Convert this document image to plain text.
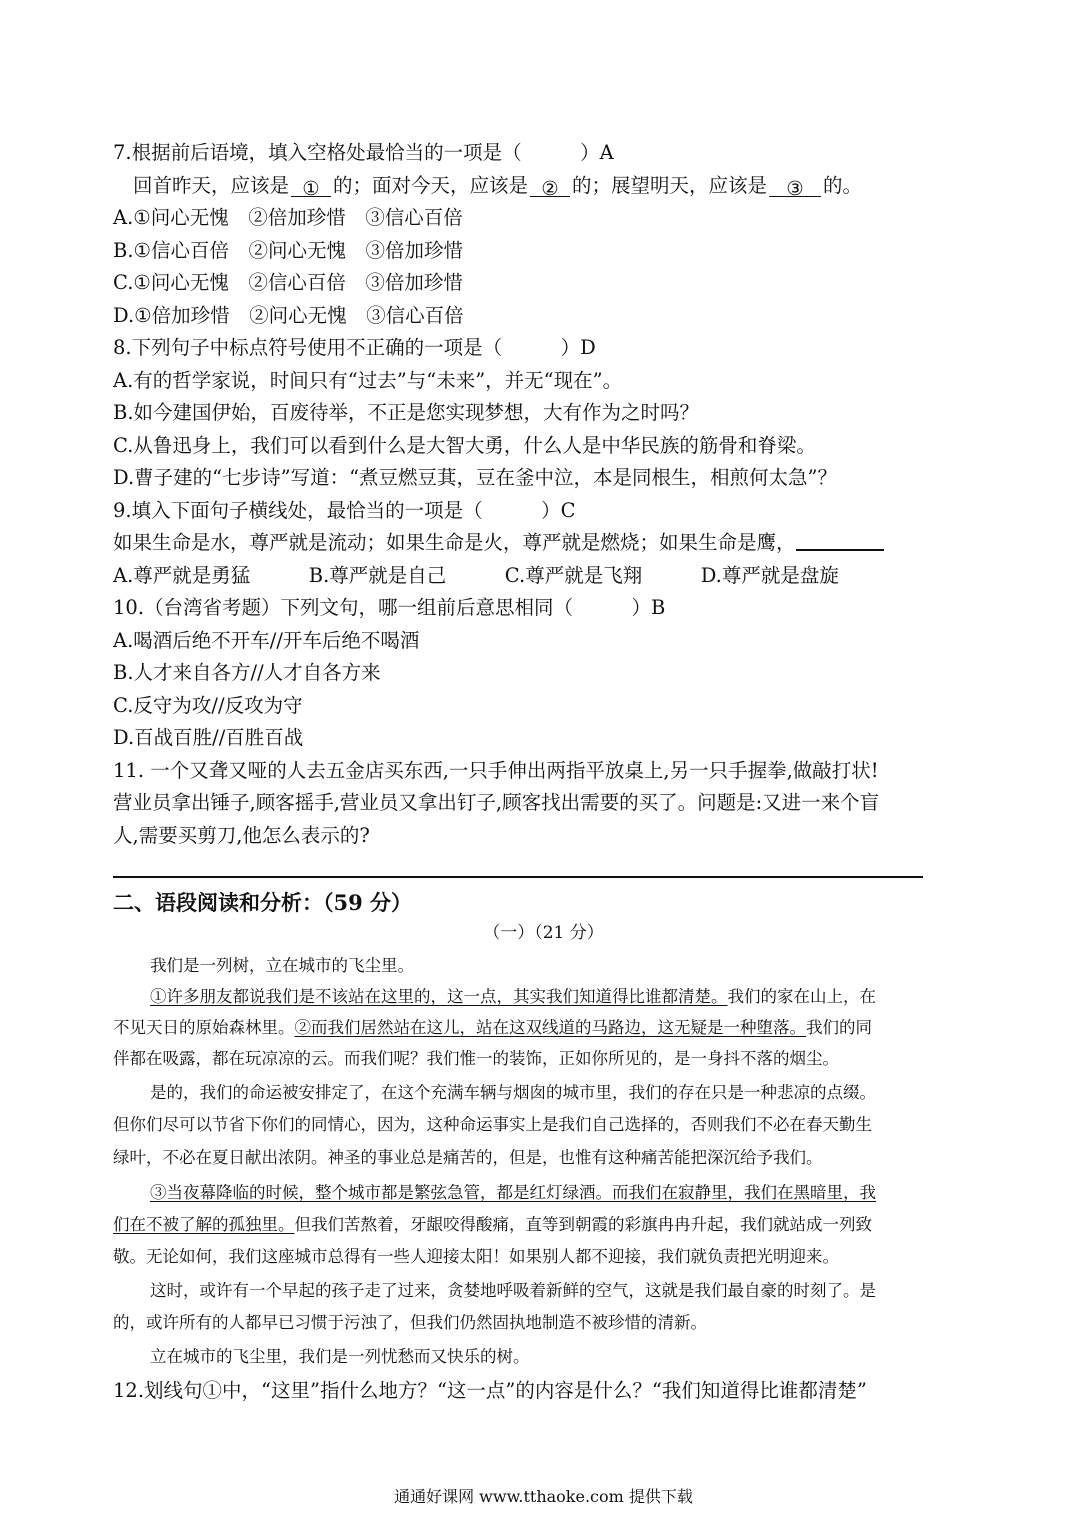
7.根据前后语境，填入空格处最恰当的一项是（　　　）A
回首昨天，应该是 ① 的；面对今天，应该是 ② 的；展望明天，应该是 ③ 的。
A.①问心无愧　②倍加珍惜　③信心百倍
B.①信心百倍　②问心无愧　③倍加珍惜
C.①问心无愧　②信心百倍　③倍加珍惜
D.①倍加珍惜　②问心无愧　③信心百倍
8.下列句子中标点符号使用不正确的一项是（　　　）D
A.有的哲学家说，时间只有“过去”与“未来”，并无“现在”。
B.如今建国伊始，百废待举，不正是您实现梦想，大有作为之时吗？
C.从鲁迅身上，我们可以看到什么是大智大勇，什么人是中华民族的筋骨和脊梁。
D.曹子建的“七步诗”写道：“煮豆燃豆萁，豆在釜中泣，本是同根生，相煎何太急”？
9.填入下面句子横线处，最恰当的一项是（　　　）C
如果生命是水，尊严就是流动；如果生命是火，尊严就是燃烧；如果生命是鹰，
A.尊严就是勇猛　　　B.尊严就是自己　　　C.尊严就是飞翔　　　D.尊严就是盘旋
10.（台湾省考题）下列文句，哪一组前后意思相同（　　　）B
A.喝酒后绝不开车//开车后绝不喝酒
B.人才来自各方//人才自各方来
C.反守为攻//反攻为守
D.百战百胜//百胜百战
11. 一个又聋又哑的人去五金店买东西,一只手伸出两指平放桌上,另一只手握拳,做敲打状!
营业员拿出锤子,顾客摇手,营业员又拿出钉子,顾客找出需要的买了。问题是:又进一来个盲
人,需要买剪刀,他怎么表示的?
二、语段阅读和分析：（59 分）
（一）（21 分）
我们是一列树，立在城市的飞尘里。
①许多朋友都说我们是不该站在这里的，这一点，其实我们知道得比谁都清楚。我们的家在山上，在
不见天日的原始森林里。②而我们居然站在这儿，站在这双线道的马路边，这无疑是一种堕落。我们的同
伴都在吸露，都在玩凉凉的云。而我们呢？我们惟一的装饰，正如你所见的，是一身抖不落的烟尘。
是的，我们的命运被安排定了，在这个充满车辆与烟囱的城市里，我们的存在只是一种悲凉的点缀。
但你们尽可以节省下你们的同情心，因为，这种命运事实上是我们自己选择的，否则我们不必在春天勤生
绿叶，不必在夏日献出浓阴。神圣的事业总是痛苦的，但是，也惟有这种痛苦能把深沉给予我们。
③当夜幕降临的时候，整个城市都是繁弦急管，都是红灯绿酒。而我们在寂静里，我们在黑暗里，我
们在不被了解的孤独里。但我们苦熬着，牙龈咬得酸痛，直等到朝霞的彩旗冉冉升起，我们就站成一列致
敬。无论如何，我们这座城市总得有一些人迎接太阳！如果别人都不迎接，我们就负责把光明迎来。
这时，或许有一个早起的孩子走了过来，贪婪地呼吸着新鲜的空气，这就是我们最自豪的时刻了。是
的，或许所有的人都早已习惯于污浊了，但我们仍然固执地制造不被珍惜的清新。
立在城市的飞尘里，我们是一列忧愁而又快乐的树。
12.划线句①中，“这里”指什么地方？“这一点”的内容是什么？“我们知道得比谁都清楚”
通通好课网 www.tthaoke.com 提供下载
